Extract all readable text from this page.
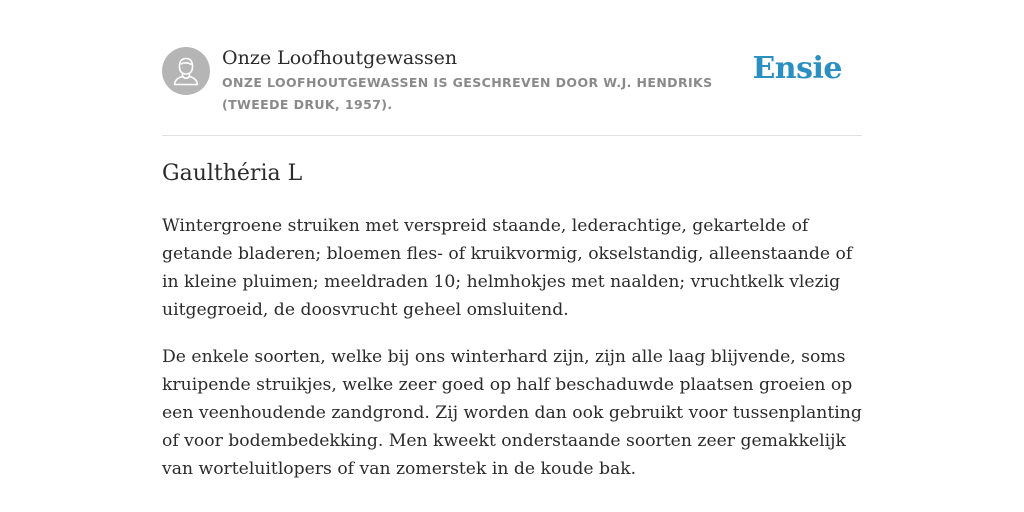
Onze Loofhoutgewassen
ONZE LOOFHOUTGEWASSEN IS GESCHREVEN DOOR W.J. HENDRIKS (TWEEDE DRUK, 1957).
Ensie
Gaulthéria L

Wintergroene struiken met verspreid staande, lederachtige, gekartelde of getande bladeren; bloemen fles- of kruikvormig, okselstandig, alleenstaande of in kleine pluimen; meeldraden 10; helmhokjes met naalden; vruchtkelk vlezig uitgegroeid, de doosvrucht geheel omsluitend.

De enkele soorten, welke bij ons winterhard zijn, zijn alle laag blijvende, soms kruipende struikjes, welke zeer goed op half beschaduwde plaatsen groeien op een veenhoudende zandgrond. Zij worden dan ook gebruikt voor tussenplanting of voor bodembedekking. Men kweekt onderstaande soorten zeer gemakkelijk van worteluitlopers of van zomerstek in de koude bak.
